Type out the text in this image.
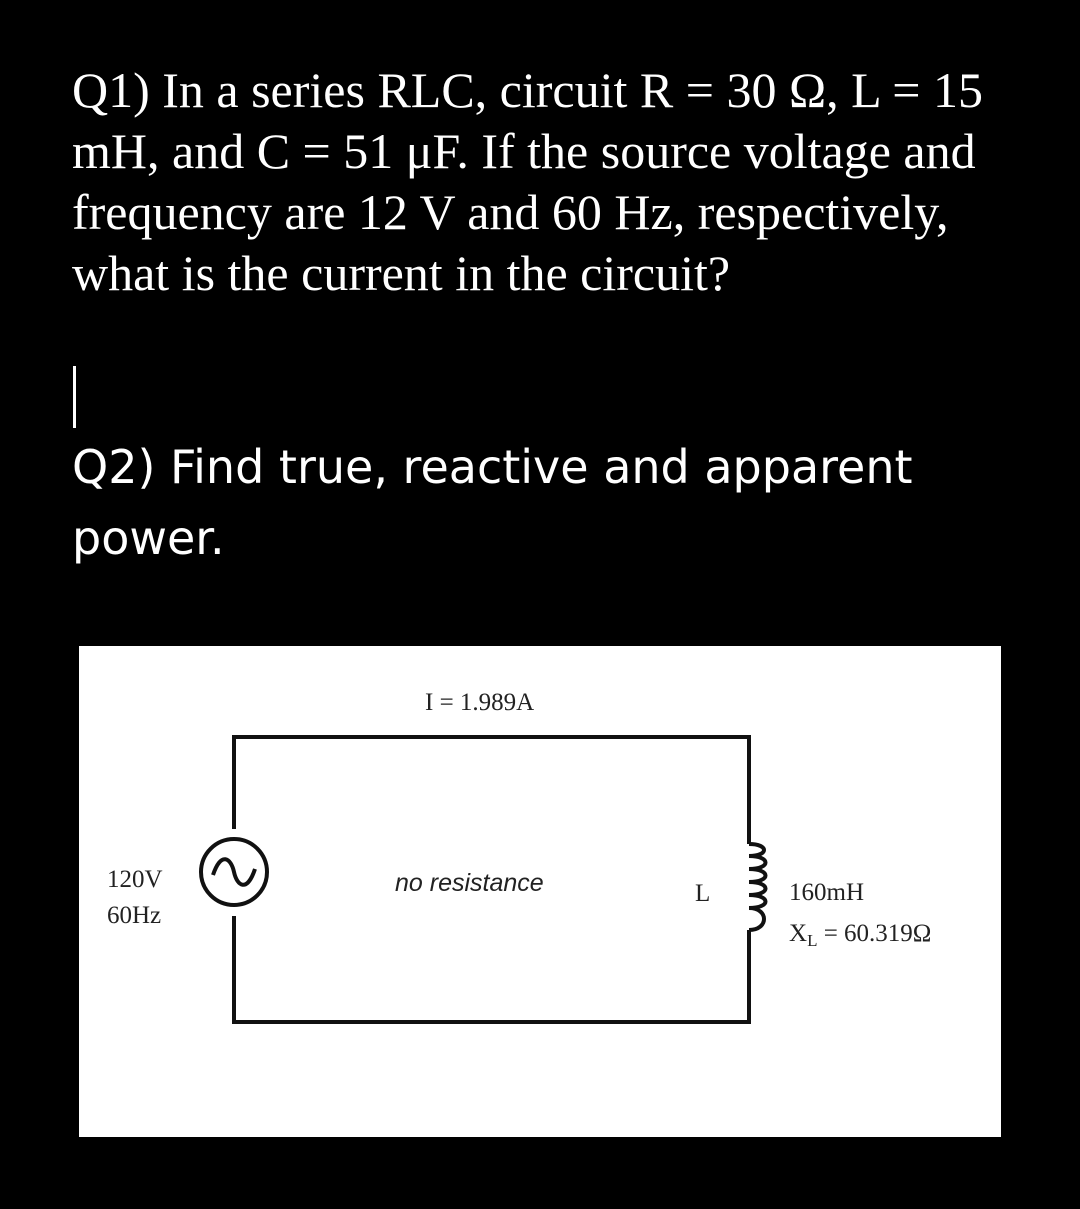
Q1) In a series RLC, circuit R = 30 Ω, L = 15 mH, and C = 51 μF. If the source voltage and frequency are 12 V and 60 Hz, respectively, what is the current in the circuit?

Q2) Find true, reactive and apparent power.

I = 1.989A
120V
60Hz
no resistance	L	160mH
$X_L = 60.319\Omega$
